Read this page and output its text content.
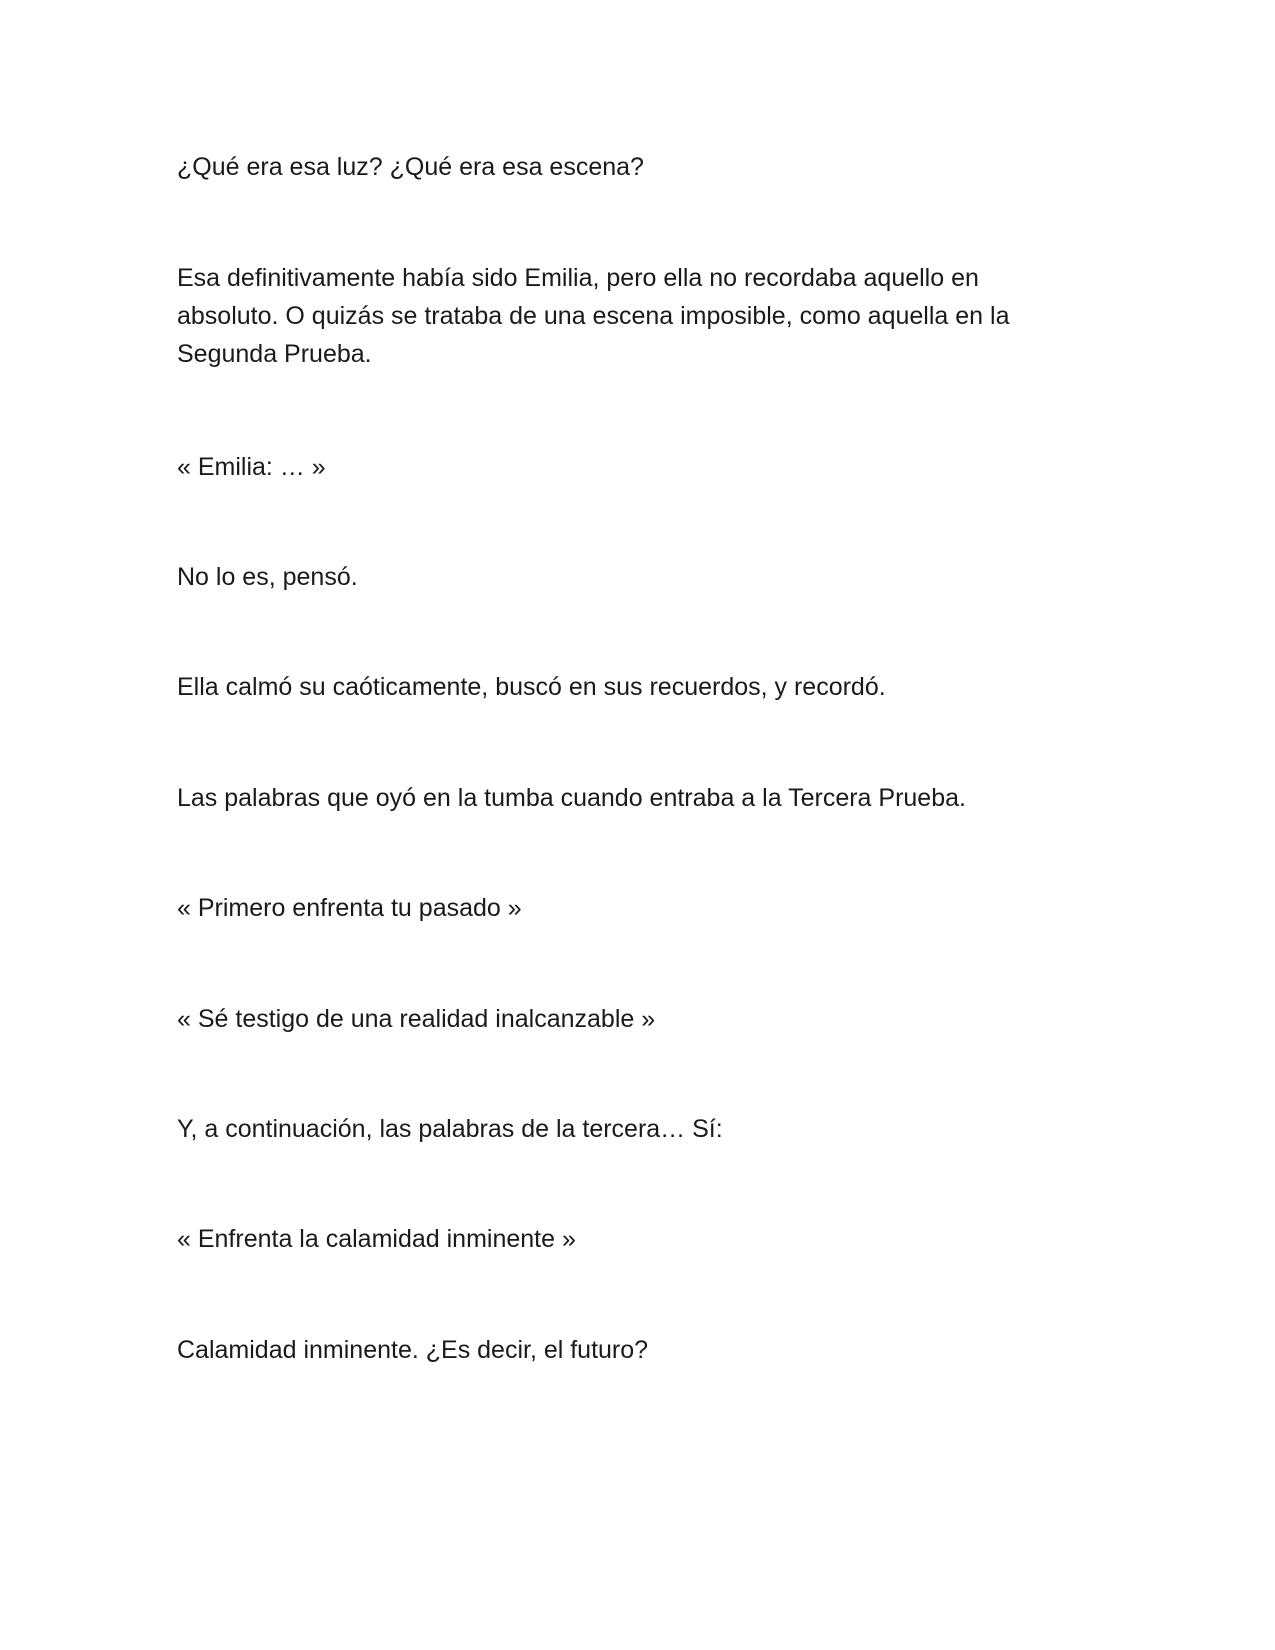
¿Qué era esa luz? ¿Qué era esa escena?

Esa definitivamente había sido Emilia, pero ella no recordaba aquello en
absoluto. O quizás se trataba de una escena imposible, como aquella en la
Segunda Prueba.

« Emilia: … »

No lo es, pensó.

Ella calmó su caóticamente, buscó en sus recuerdos, y recordó.

Las palabras que oyó en la tumba cuando entraba a la Tercera Prueba.

« Primero enfrenta tu pasado »

« Sé testigo de una realidad inalcanzable »

Y, a continuación, las palabras de la tercera… Sí:

« Enfrenta la calamidad inminente »

Calamidad inminente. ¿Es decir, el futuro?
